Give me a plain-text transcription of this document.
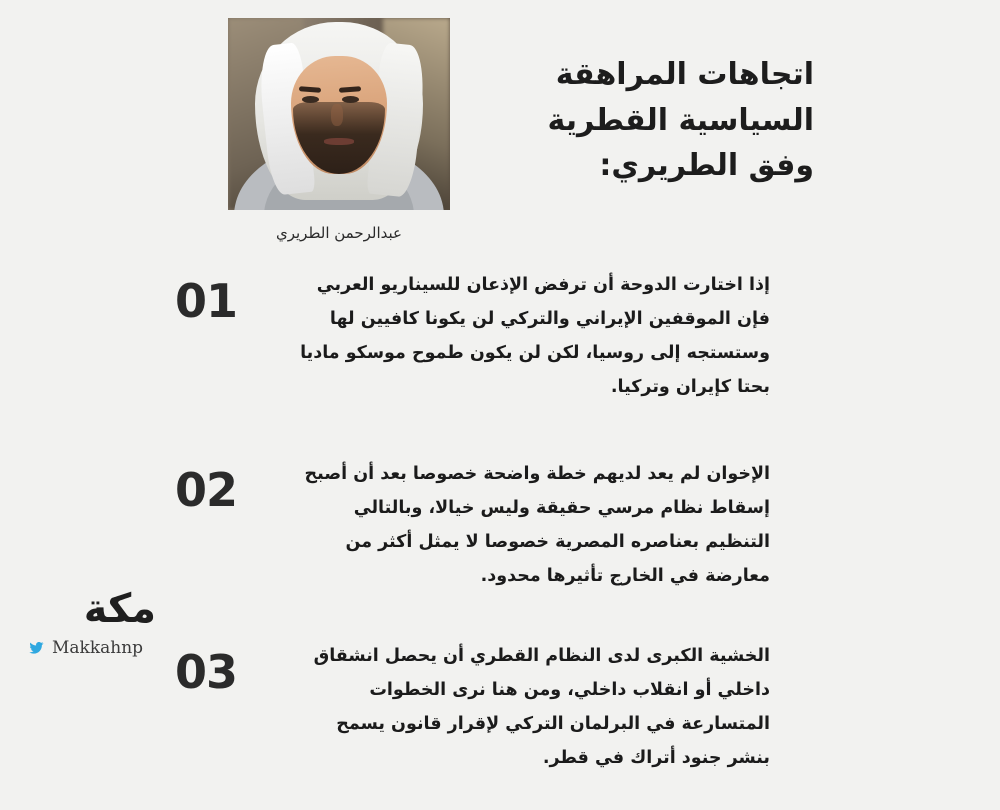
اتجاهات المراهقة
السياسية القطرية
وفق الطريري:
عبدالرحمن الطريري
إذا اختارت الدوحة أن ترفض الإذعان للسيناريو العربي فإن الموقفين الإيراني والتركي لن يكونا كافيين لها وستستجه إلى روسيا، لكن لن يكون طموح موسكو ماديا بحتا كإيران وتركيا.
01
الإخوان لم يعد لديهم خطة واضحة خصوصا بعد أن أصبح إسقاط نظام مرسي حقيقة وليس خيالا، وبالتالي التنظيم بعناصره المصرية خصوصا لا يمثل أكثر من معارضة في الخارج تأثيرها محدود.
02
الخشية الكبرى لدى النظام القطري أن يحصل انشقاق داخلي أو انقلاب داخلي، ومن هنا نرى الخطوات المتسارعة في البرلمان التركي لإقرار قانون يسمح بنشر جنود أتراك في قطر.
03
مكة
Makkahnp
